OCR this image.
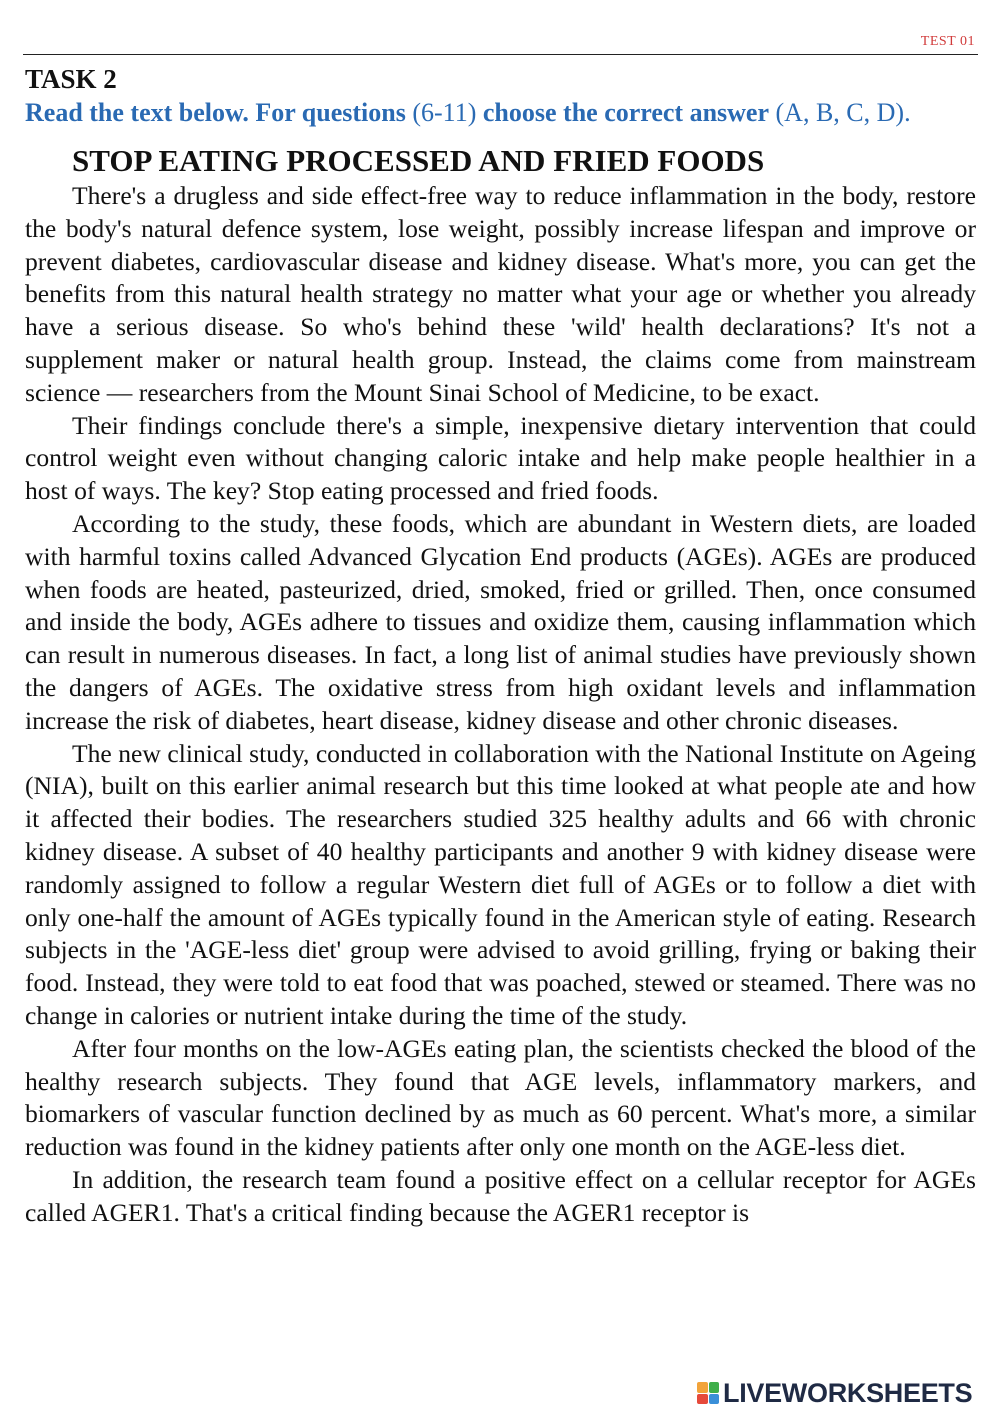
TEST 01
TASK 2
Read the text below. For questions (6-11) choose the correct answer (A, B, C, D).
STOP EATING PROCESSED AND FRIED FOODS

There's a drugless and side effect-free way to reduce inflammation in the body, restore the body's natural defence system, lose weight, possibly increase lifespan and improve or prevent diabetes, cardiovascular disease and kidney disease. What's more, you can get the benefits from this natural health strategy no matter what your age or whether you already have a serious disease. So who's behind these 'wild' health declarations? It's not a supplement maker or natural health group. Instead, the claims come from mainstream science — researchers from the Mount Sinai School of Medicine, to be exact.

Their findings conclude there's a simple, inexpensive dietary intervention that could control weight even without changing caloric intake and help make people healthier in a host of ways. The key? Stop eating processed and fried foods.

According to the study, these foods, which are abundant in Western diets, are loaded with harmful toxins called Advanced Glycation End products (AGEs). AGEs are produced when foods are heated, pasteurized, dried, smoked, fried or grilled. Then, once consumed and inside the body, AGEs adhere to tissues and oxidize them, causing inflammation which can result in numerous diseases. In fact, a long list of animal studies have previously shown the dangers of AGEs. The oxidative stress from high oxidant levels and inflammation increase the risk of diabetes, heart disease, kidney disease and other chronic diseases.

The new clinical study, conducted in collaboration with the National Institute on Ageing (NIA), built on this earlier animal research but this time looked at what people ate and how it affected their bodies. The researchers studied 325 healthy adults and 66 with chronic kidney disease. A subset of 40 healthy participants and another 9 with kidney disease were randomly assigned to follow a regular Western diet full of AGEs or to follow a diet with only one-half the amount of AGEs typically found in the American style of eating. Research subjects in the 'AGE-less diet' group were advised to avoid grilling, frying or baking their food. Instead, they were told to eat food that was poached, stewed or steamed. There was no change in calories or nutrient intake during the time of the study.

After four months on the low-AGEs eating plan, the scientists checked the blood of the healthy research subjects. They found that AGE levels, inflammatory markers, and biomarkers of vascular function declined by as much as 60 percent. What's more, a similar reduction was found in the kidney patients after only one month on the AGE-less diet.

In addition, the research team found a positive effect on a cellular receptor for AGEs called AGER1. That's a critical finding because the AGER1 receptor is

LIVEWORKSHEETS
